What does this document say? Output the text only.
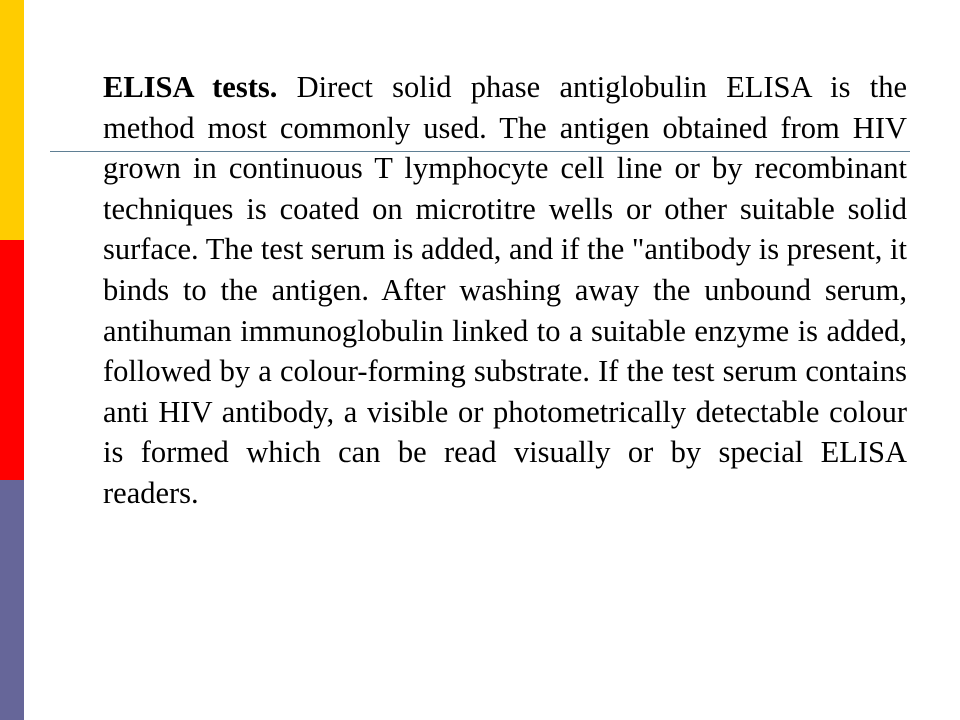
ELISA tests. Direct solid phase antiglobulin ELISA is the method most commonly used. The antigen obtained from HIV grown in continuous T lymphocyte cell line or by recombinant techniques is coated on microtitre wells or other suitable solid surface. The test serum is added, and if the "antibody is present, it binds to the antigen. After washing away the unbound serum, antihuman immunoglobulin linked to a suitable enzyme is added, followed by a colour-forming substrate. If the test serum contains anti HIV antibody, a visible or photometrically detectable colour is formed which can be read visually or by special ELISA readers.
